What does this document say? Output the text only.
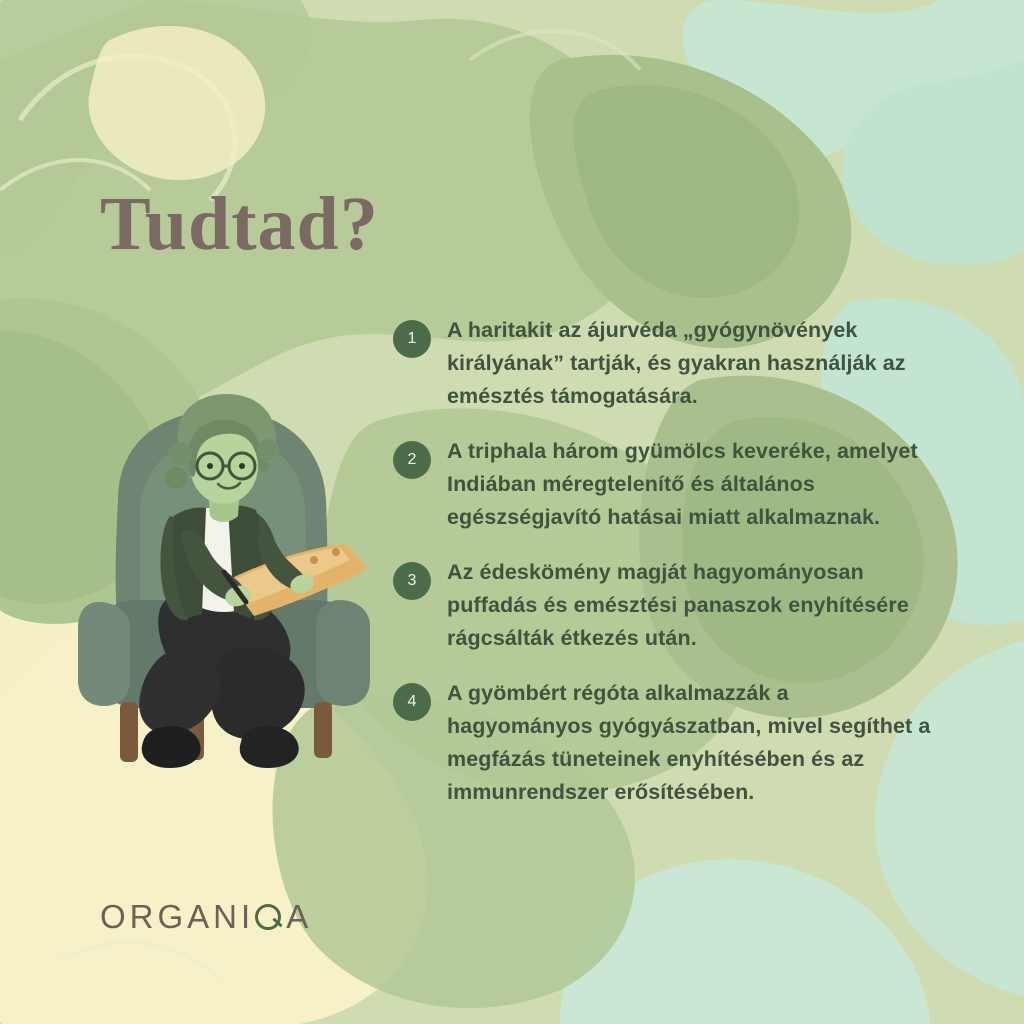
Tudtad?
1	A haritakit az ájurvéda „gyógynövények királyának” tartják, és gyakran használják az emésztés támogatására.
2	A triphala három gyümölcs keveréke, amelyet Indiában méregtelenítő és általános egészségjavító hatásai miatt alkalmaznak.
3	Az édeskömény magját hagyományosan puffadás és emésztési panaszok enyhítésére rágcsálták étkezés után.
4	A gyömbért régóta alkalmazzák a hagyományos gyógyászatban, mivel segíthet a megfázás tüneteinek enyhítésében és az immunrendszer erősítésében.
ORGANI A
